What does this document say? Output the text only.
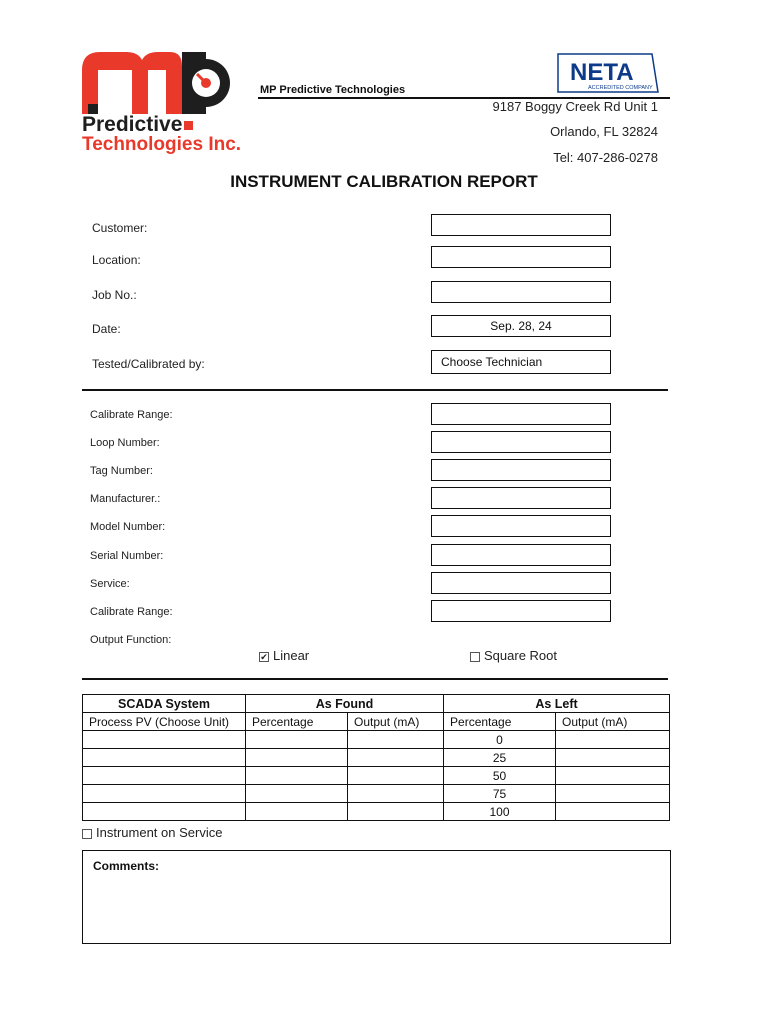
Predictive
Technologies Inc.
MP Predictive Technologies
NETA
ACCREDITED COMPANY
9187 Boggy Creek Rd Unit 1
Orlando, FL 32824
Tel: 407-286-0278
INSTRUMENT CALIBRATION REPORT
Customer:
Location:
Job No.:
Date:	Sep. 28, 24
Tested/Calibrated by:	Choose Technician
Calibrate Range:
Loop Number:
Tag Number:
Manufacturer.:
Model Number:
Serial Number:
Service:
Calibrate Range:
Output Function:
✔ Linear	Square Root
SCADA System	As Found		As Left	
Process PV (Choose Unit)	Percentage	Output (mA)	Percentage	Output (mA)
			0	
			25	
			50	
			75	
			100	
Instrument on Service
Comments:
